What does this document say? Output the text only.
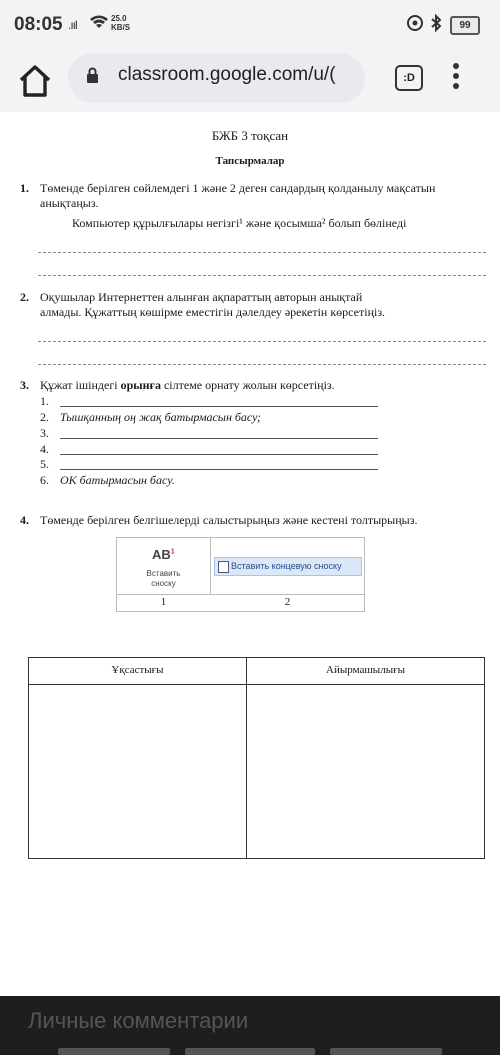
08:05 .ııl	25.0
KB/S	99
classroom.google.com/u/(	:D
БЖБ 3 тоқсан
Тапсырмалар
1. Төменде берілген сөйлемдегі 1 және 2 деген сандардың қолданылу мақсатын анықтаңыз.
Компьютер құрылғылары негізгі¹ және қосымша² болып бөлінеді
2. Оқушылар Интернеттен алынған ақпараттың авторын анықтай
алмады. Құжаттың көшірме еместігін дәлелдеу әрекетін көрсетіңіз.
3. Құжат ішіндегі орынға сілтеме орнату жолын көрсетіңіз.
1.
2. Тышқанның оң жақ батырмасын басу;
3.
4.
5.
6. ОК батырмасын басу.
4. Төменде берілген белгішелерді салыстырыңыз және кестені толтырыңыз.
$AB^1$
Вставить
сноску
Вставить концевую сноску
1	2
Ұқсастығы	Айырмашылығы
Личные комментарии
